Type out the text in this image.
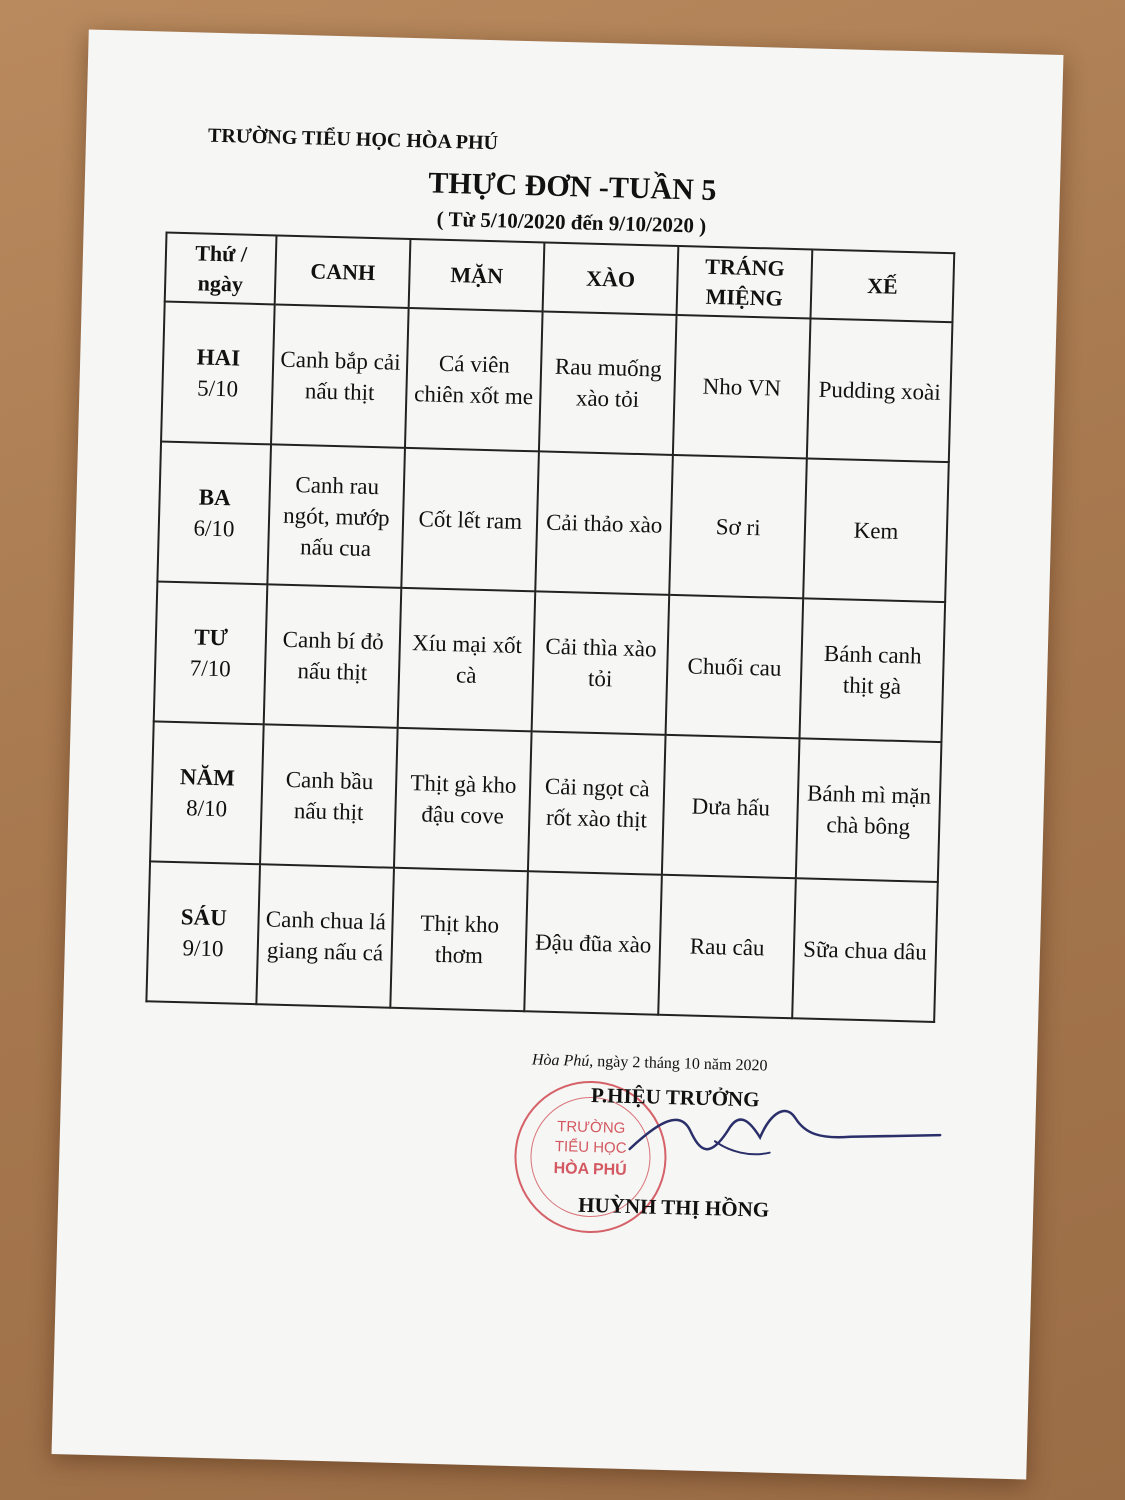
TRƯỜNG TIỂU HỌC HÒA PHÚ
THỰC ĐƠN -TUẦN 5
( Từ 5/10/2020 đến 9/10/2020 )
Thứ / ngày	CANH	MẶN	XÀO	TRÁNG MIỆNG	XẾ

HAI
5/10	Canh bắp cải nấu thịt	Cá viên chiên xốt me	Rau muống xào tỏi	Nho VN	Pudding xoài

BA
6/10	Canh rau ngót, mướp nấu cua	Cốt lết ram	Cải thảo xào	Sơ ri	Kem

TƯ
7/10	Canh bí đỏ nấu thịt	Xíu mại xốt cà	Cải thìa xào tỏi	Chuối cau	Bánh canh thịt gà

NĂM
8/10	Canh bầu nấu thịt	Thịt gà kho đậu cove	Cải ngọt cà rốt xào thịt	Dưa hấu	Bánh mì mặn chà bông

SÁU
9/10	Canh chua lá giang nấu cá	Thịt kho thơm	Đậu đũa xào	Rau câu	Sữa chua dâu
Hòa Phú, ngày 2 tháng 10 năm 2020
TRƯỜNG
TIỂU HỌC
HÒA PHÚ
P.HIỆU TRƯỞNG
HUỲNH THỊ HỒNG
